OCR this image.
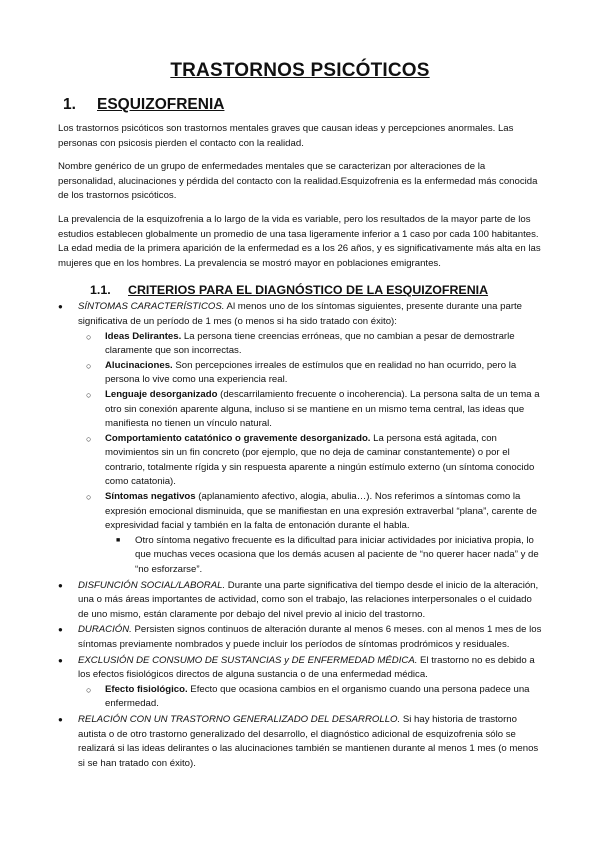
TRASTORNOS PSICÓTICOS
1.	ESQUIZOFRENIA

Los trastornos psicóticos son trastornos mentales graves que causan ideas y percepciones anormales. Las personas con psicosis pierden el contacto con la realidad.

Nombre genérico de un grupo de enfermedades mentales que se caracterizan por alteraciones de la personalidad, alucinaciones y pérdida del contacto con la realidad.Esquizofrenia es la enfermedad más conocida de los trastornos psicóticos.

La prevalencia de la esquizofrenia a lo largo de la vida es variable, pero los resultados de la mayor parte de los estudios establecen globalmente un promedio de una tasa ligeramente inferior a 1 caso por cada 100 habitantes. La edad media de la primera aparición de la enfermedad es a los 26 años, y es significativamente más alta en las mujeres que en los hombres. La prevalencia se mostró mayor en poblaciones emigrantes.

1.1.	CRITERIOS PARA EL DIAGNÓSTICO DE LA ESQUIZOFRENIA
● SÍNTOMAS CARACTERÍSTICOS. Al menos uno de los síntomas siguientes, presente durante una parte significativa de un período de 1 mes (o menos si ha sido tratado con éxito):
○ Ideas Delirantes. La persona tiene creencias erróneas, que no cambian a pesar de demostrarle claramente que son incorrectas.
○ Alucinaciones. Son percepciones irreales de estímulos que en realidad no han ocurrido, pero la persona lo vive como una experiencia real.
○ Lenguaje desorganizado (descarrilamiento frecuente o incoherencia). La persona salta de un tema a otro sin conexión aparente alguna, incluso si se mantiene en un mismo tema central, las ideas que manifiesta no tienen un vínculo natural.
○ Comportamiento catatónico o gravemente desorganizado. La persona está agitada, con movimientos sin un fin concreto (por ejemplo, que no deja de caminar constantemente) o por el contrario, totalmente rígida y sin respuesta aparente a ningún estímulo externo (un síntoma conocido como catatonia).
○ Síntomas negativos (aplanamiento afectivo, alogia, abulia…). Nos referimos a síntomas como la expresión emocional disminuida, que se manifiestan en una expresión extraverbal “plana”, carente de expresividad facial y también en la falta de entonación durante el habla.
■ Otro síntoma negativo frecuente es la dificultad para iniciar actividades por iniciativa propia, lo que muchas veces ocasiona que los demás acusen al paciente de “no querer hacer nada” y de “no esforzarse”.
● DISFUNCIÓN SOCIAL/LABORAL. Durante una parte significativa del tiempo desde el inicio de la alteración, una o más áreas importantes de actividad, como son el trabajo, las relaciones interpersonales o el cuidado de uno mismo, están claramente por debajo del nivel previo al inicio del trastorno.
● DURACIÓN. Persisten signos continuos de alteración durante al menos 6 meses. con al menos 1 mes de los síntomas previamente nombrados y puede incluir los períodos de síntomas prodrómicos y residuales.
● EXCLUSIÓN DE CONSUMO DE SUSTANCIAS y DE ENFERMEDAD MÉDICA. El trastorno no es debido a los efectos fisiológicos directos de alguna sustancia o de una enfermedad médica.
○ Efecto fisiológico. Efecto que ocasiona cambios en el organismo cuando una persona padece una enfermedad.
● RELACIÓN CON UN TRASTORNO GENERALIZADO DEL DESARROLLO. Si hay historia de trastorno autista o de otro trastorno generalizado del desarrollo, el diagnóstico adicional de esquizofrenia sólo se realizará si las ideas delirantes o las alucinaciones también se mantienen durante al menos 1 mes (o menos si se han tratado con éxito).
